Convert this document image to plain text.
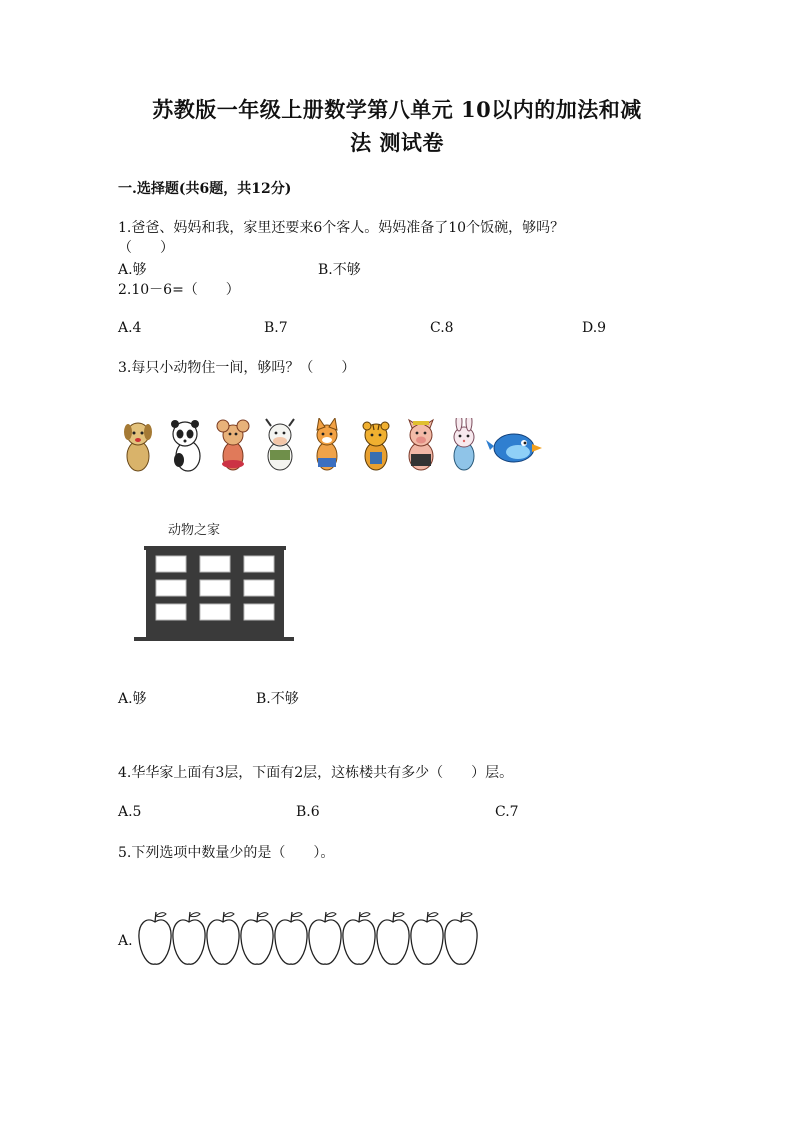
苏教版一年级上册数学第八单元 10以内的加法和减
法 测试卷
一.选择题(共6题，共12分)
1.爸爸、妈妈和我，家里还要来6个客人。妈妈准备了10个饭碗，够吗？
（　　）
A.够	B.不够
2.10－6=（　　）
A.4	B.7	C.8	D.9
3.每只小动物住一间，够吗？（　　）
动物之家
A.够	B.不够
4.华华家上面有3层，下面有2层，这栋楼共有多少（　　）层。
A.5	B.6	C.7
5.下列选项中数量少的是（　　）。
A.
